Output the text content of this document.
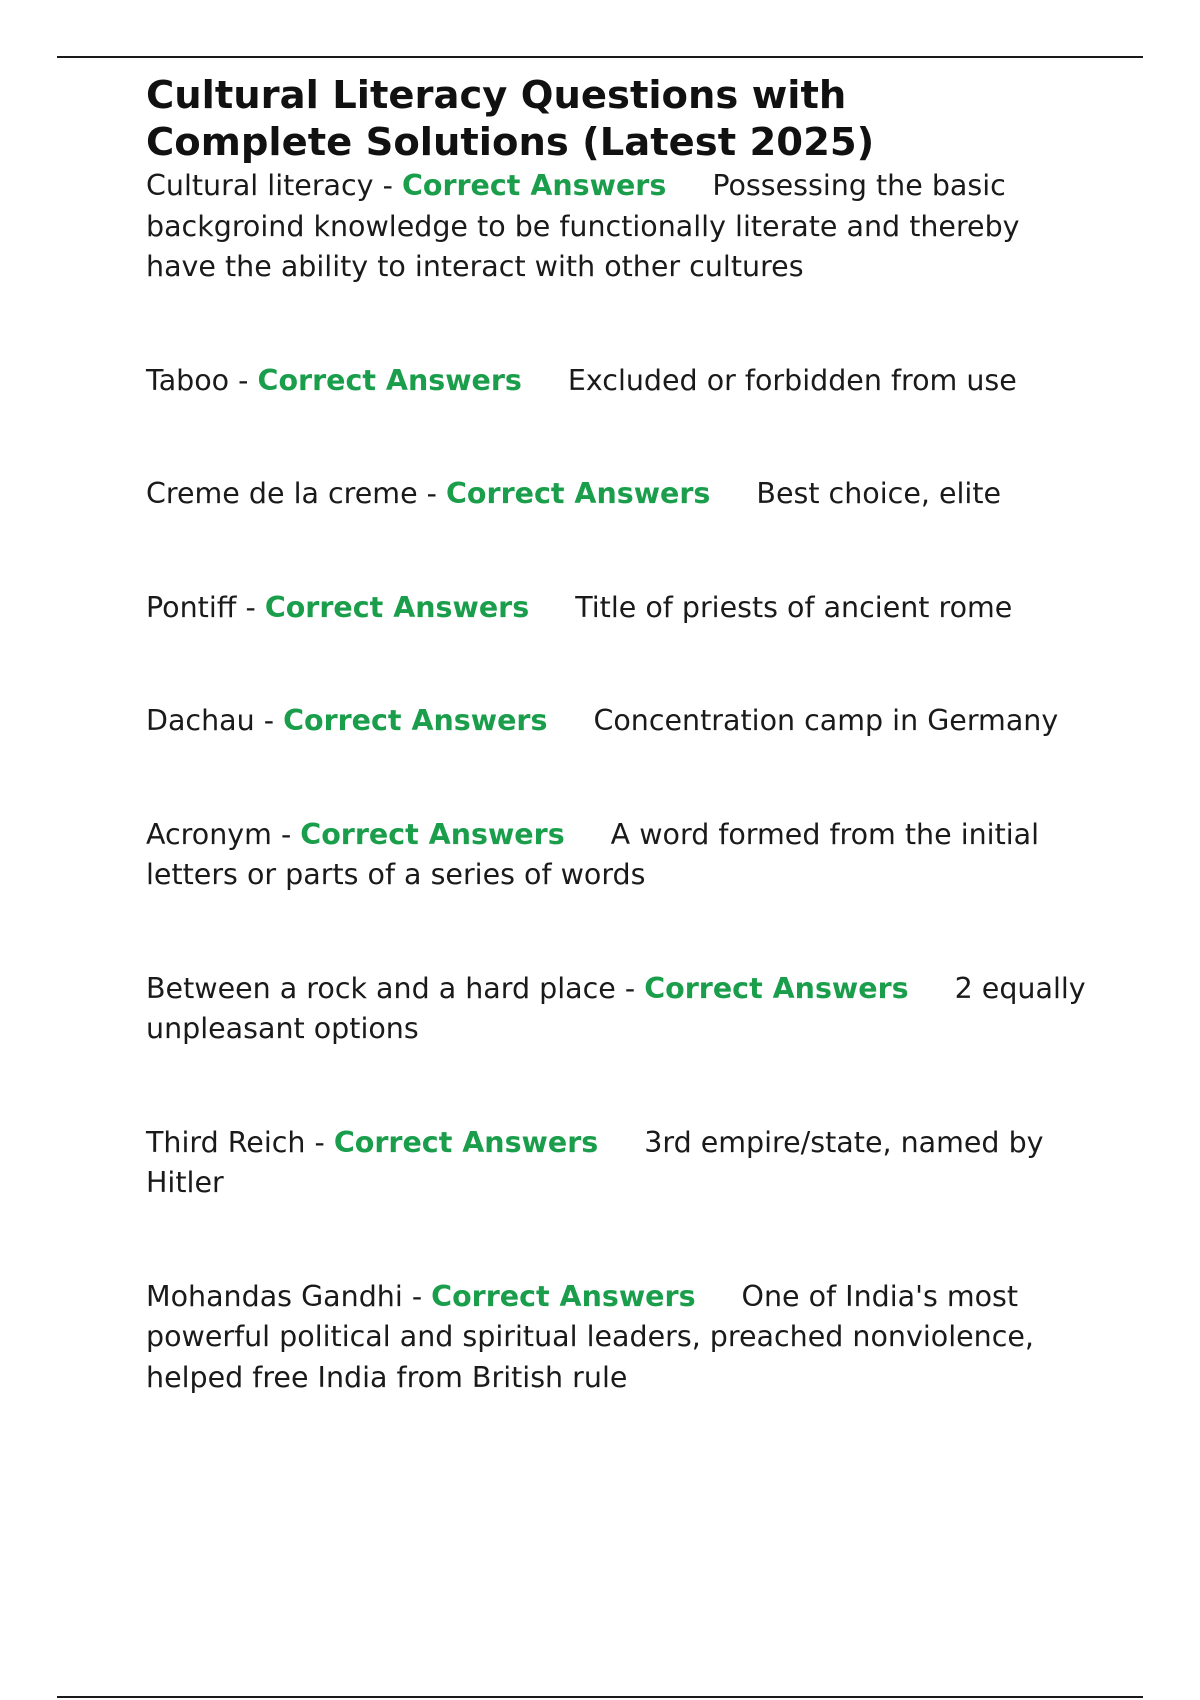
Cultural Literacy Questions with
Complete Solutions (Latest 2025)

Cultural literacy - Correct Answers Possessing the basic backgroind knowledge to be functionally literate and thereby have the ability to interact with other cultures

Taboo - Correct Answers Excluded or forbidden from use

Creme de la creme - Correct Answers Best choice, elite

Pontiff - Correct Answers Title of priests of ancient rome

Dachau - Correct Answers Concentration camp in Germany

Acronym - Correct Answers A word formed from the initial letters or parts of a series of words

Between a rock and a hard place - Correct Answers 2 equally unpleasant options

Third Reich - Correct Answers 3rd empire/state, named by Hitler

Mohandas Gandhi - Correct Answers One of India's most powerful political and spiritual leaders, preached nonviolence, helped free India from British rule
